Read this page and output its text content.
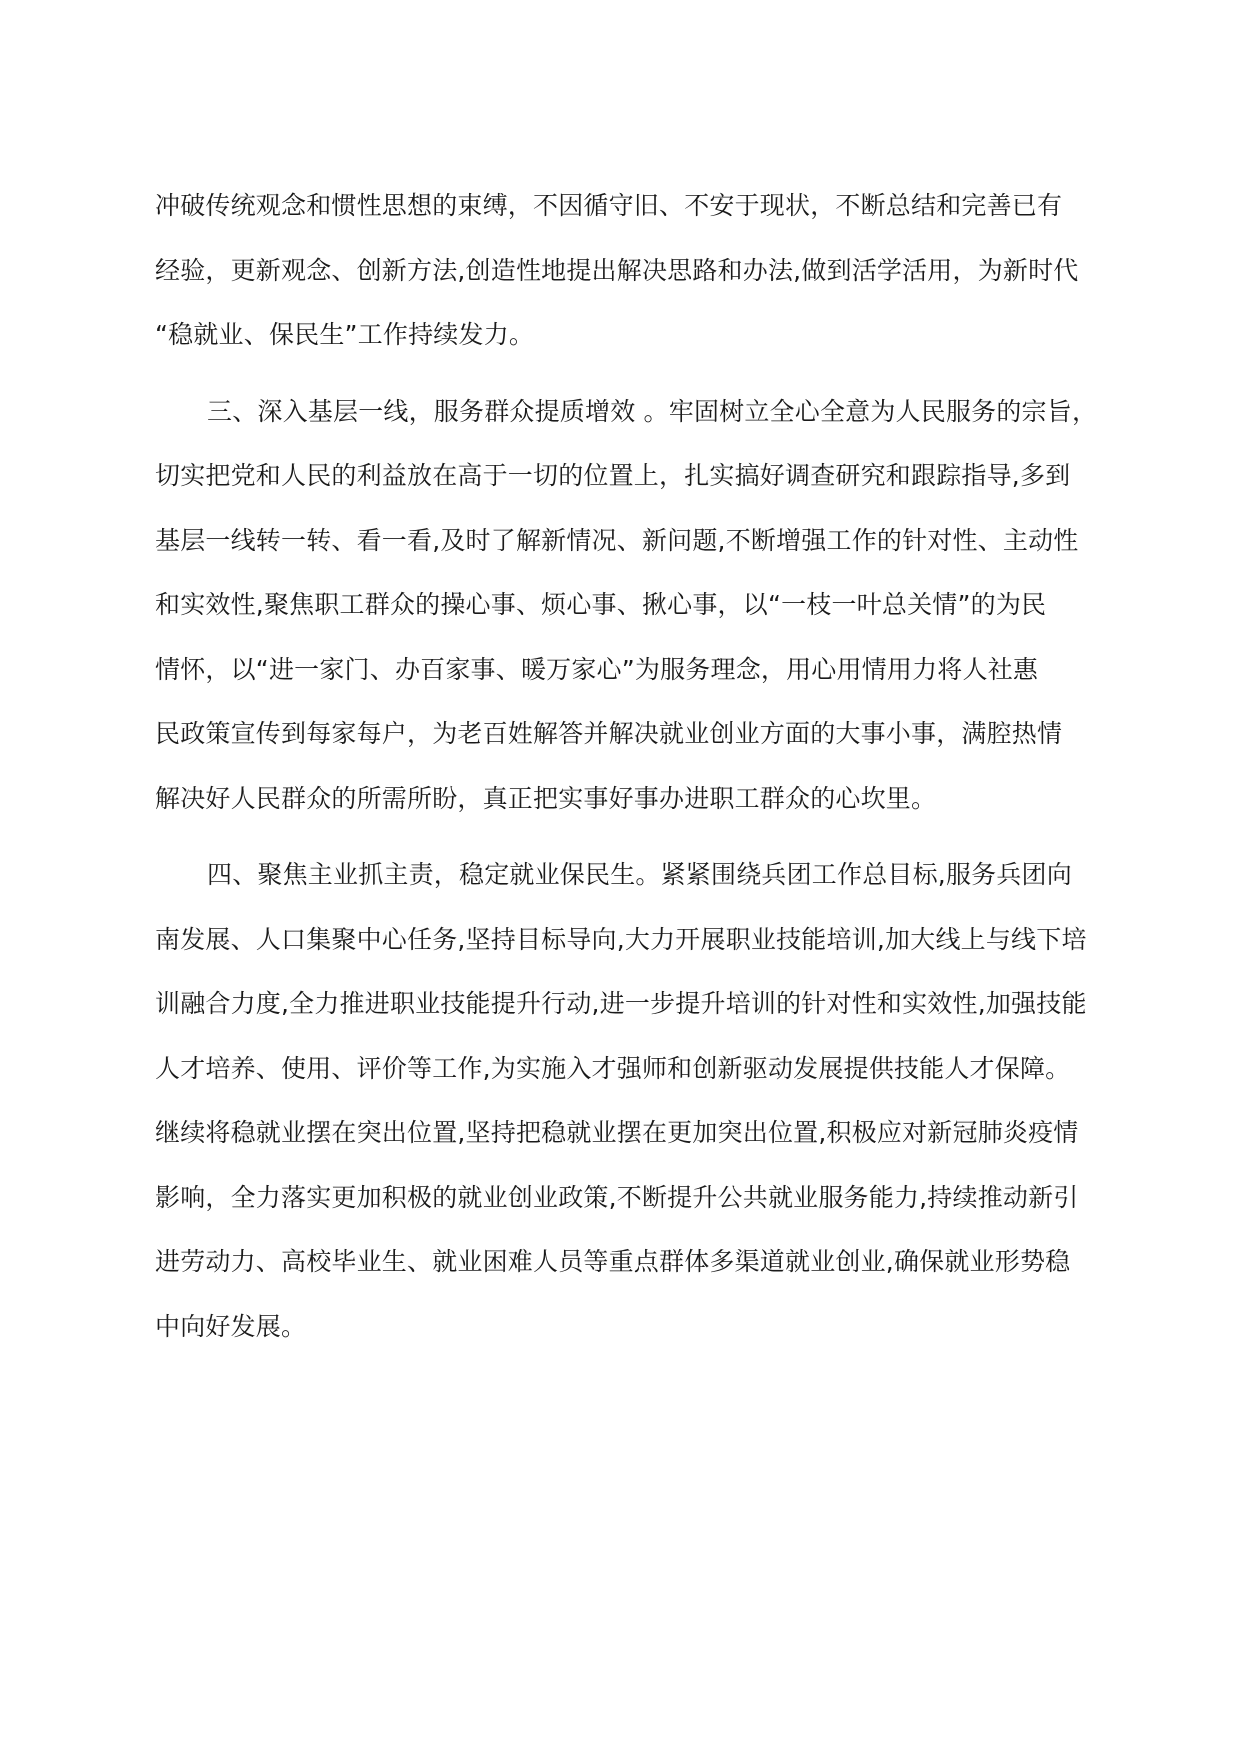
冲破传统观念和惯性思想的束缚，不因循守旧、不安于现状，不断总结和完善已有
经验，更新观念、创新方法,创造性地提出解决思路和办法,做到活学活用，为新时代
“稳就业、保民生”工作持续发力。
三、深入基层一线，服务群众提质增效 。牢固树立全心全意为人民服务的宗旨，
切实把党和人民的利益放在高于一切的位置上，扎实搞好调查研究和跟踪指导,多到
基层一线转一转、看一看,及时了解新情况、新问题,不断增强工作的针对性、主动性
和实效性,聚焦职工群众的操心事、烦心事、揪心事，以“一枝一叶总关情”的为民
情怀，以“进一家门、办百家事、暖万家心”为服务理念，用心用情用力将人社惠
民政策宣传到每家每户，为老百姓解答并解决就业创业方面的大事小事，满腔热情
解决好人民群众的所需所盼，真正把实事好事办进职工群众的心坎里。
四、聚焦主业抓主责，稳定就业保民生。紧紧围绕兵团工作总目标,服务兵团向
南发展、人口集聚中心任务,坚持目标导向,大力开展职业技能培训,加大线上与线下培
训融合力度,全力推进职业技能提升行动,进一步提升培训的针对性和实效性,加强技能
人才培养、使用、评价等工作,为实施入才强师和创新驱动发展提供技能人才保障。
继续将稳就业摆在突出位置,坚持把稳就业摆在更加突出位置,积极应对新冠肺炎疫情
影响，全力落实更加积极的就业创业政策,不断提升公共就业服务能力,持续推动新引
进劳动力、高校毕业生、就业困难人员等重点群体多渠道就业创业,确保就业形势稳
中向好发展。
